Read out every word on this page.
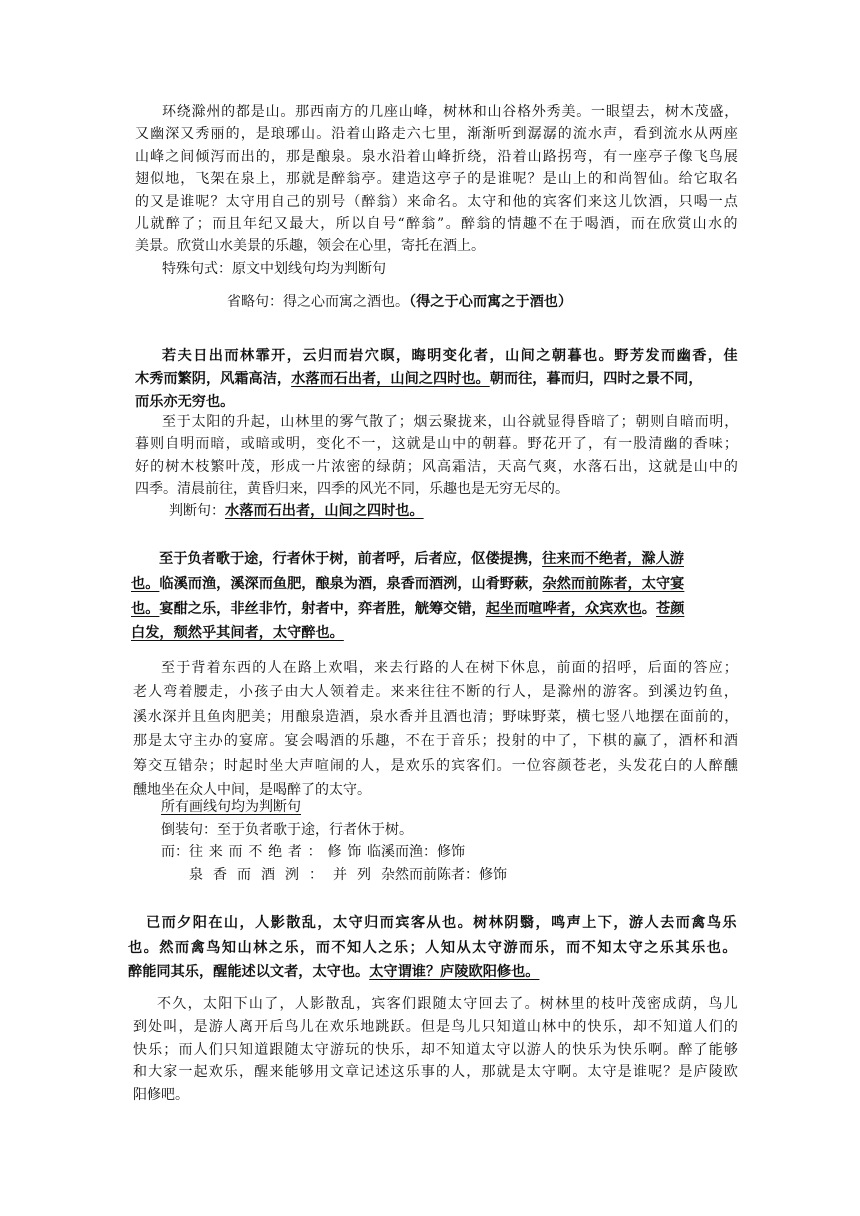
环绕滁州的都是山。那西南方的几座山峰，树林和山谷格外秀美。一眼望去，树木茂盛，

又幽深又秀丽的，是琅琊山。沿着山路走六七里，渐渐听到潺潺的流水声，看到流水从两座

山峰之间倾泻而出的，那是酿泉。泉水沿着山峰折绕，沿着山路拐弯，有一座亭子像飞鸟展

翅似地，飞架在泉上，那就是醉翁亭。建造这亭子的是谁呢？是山上的和尚智仙。给它取名

的又是谁呢？太守用自己的别号（醉翁）来命名。太守和他的宾客们来这儿饮酒，只喝一点

儿就醉了；而且年纪又最大，所以自号“醉翁”。醉翁的情趣不在于喝酒，而在欣赏山水的

美景。欣赏山水美景的乐趣，领会在心里，寄托在酒上。

特殊句式：原文中划线句均为判断句

省略句：得之心而寓之酒也。（得之于心而寓之于酒也）

若夫日出而林霏开，云归而岩穴暝，晦明变化者，山间之朝暮也。野芳发而幽香，佳

木秀而繁阴，风霜高洁，水落而石出者，山间之四时也。朝而往，暮而归，四时之景不同，

而乐亦无穷也。

至于太阳的升起，山林里的雾气散了；烟云聚拢来，山谷就显得昏暗了；朝则自暗而明，

暮则自明而暗，或暗或明，变化不一，这就是山中的朝暮。野花开了，有一股清幽的香味；

好的树木枝繁叶茂，形成一片浓密的绿荫；风高霜洁，天高气爽，水落石出，这就是山中的

四季。清晨前往，黄昏归来，四季的风光不同，乐趣也是无穷无尽的。

判断句：水落而石出者，山间之四时也。

至于负者歌于途，行者休于树，前者呼，后者应，伛偻提携，往来而不绝者，滁人游

也。临溪而渔，溪深而鱼肥，酿泉为酒，泉香而酒洌，山肴野蔌，杂然而前陈者，太守宴

也。宴酣之乐，非丝非竹，射者中，弈者胜，觥筹交错，起坐而喧哗者，众宾欢也。苍颜

白发，颓然乎其间者，太守醉也。

至于背着东西的人在路上欢唱，来去行路的人在树下休息，前面的招呼，后面的答应；

老人弯着腰走，小孩子由大人领着走。来来往往不断的行人，是滁州的游客。到溪边钓鱼，

溪水深并且鱼肉肥美；用酿泉造酒，泉水香并且酒也清；野味野菜，横七竖八地摆在面前的，

那是太守主办的宴席。宴会喝酒的乐趣，不在于音乐；投射的中了，下棋的赢了，酒杯和酒

筹交互错杂；时起时坐大声喧闹的人，是欢乐的宾客们。一位容颜苍老，头发花白的人醉醺

醺地坐在众人中间，是喝醉了的太守。

所有画线句均为判断句

倒装句：至于负者歌于途，行者休于树。

而：往来而不绝者：修饰临溪而渔：修饰

泉香而酒洌：并列杂然而前陈者：修饰

已而夕阳在山，人影散乱，太守归而宾客从也。树林阴翳，鸣声上下，游人去而禽鸟乐

也。然而禽鸟知山林之乐，而不知人之乐；人知从太守游而乐，而不知太守之乐其乐也。

醉能同其乐，醒能述以文者，太守也。太守谓谁？庐陵欧阳修也。

不久，太阳下山了，人影散乱，宾客们跟随太守回去了。树林里的枝叶茂密成荫，鸟儿

到处叫，是游人离开后鸟儿在欢乐地跳跃。但是鸟儿只知道山林中的快乐，却不知道人们的

快乐；而人们只知道跟随太守游玩的快乐，却不知道太守以游人的快乐为快乐啊。醉了能够

和大家一起欢乐，醒来能够用文章记述这乐事的人，那就是太守啊。太守是谁呢？是庐陵欧

阳修吧。
